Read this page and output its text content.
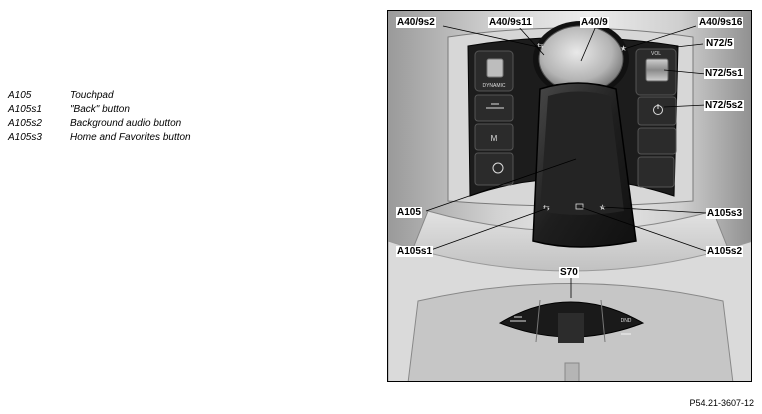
A105	Touchpad
A105s1	"Back" button
A105s2	Background audio button
A105s3	Home and Favorites button
DYNAMIC
M
VOL
⇆	★
⇆	★
DND
A40/9s2	A40/9s11	A40/9	A40/9s16
N72/5
N72/5s1
N72/5s2
A105	A105s3
A105s1	A105s2
S70
P54.21-3607-12
